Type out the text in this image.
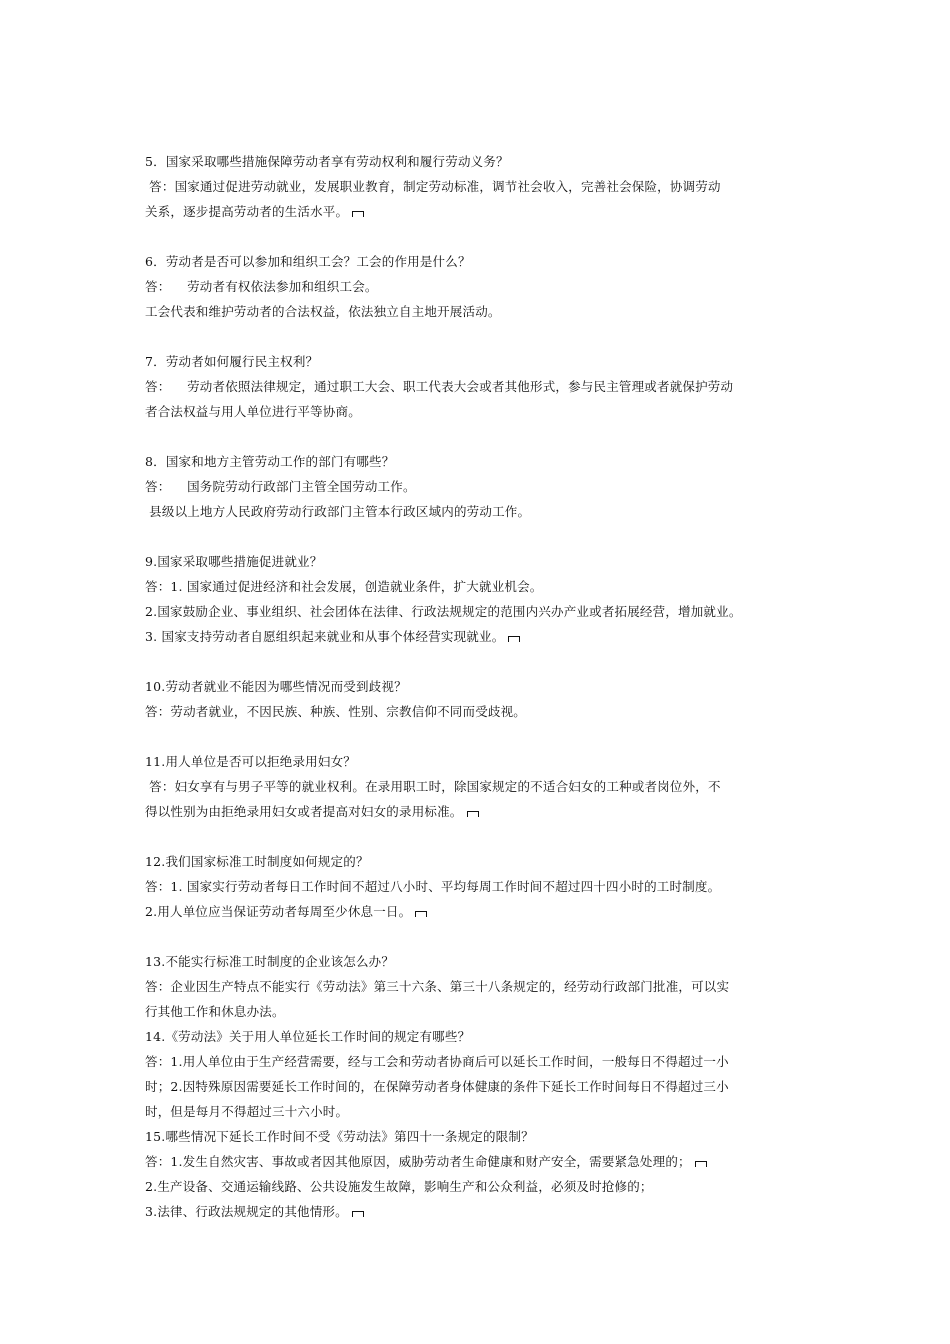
5．国家采取哪些措施保障劳动者享有劳动权利和履行劳动义务？
答：国家通过促进劳动就业，发展职业教育，制定劳动标准，调节社会收入，完善社会保险，协调劳动
关系，逐步提高劳动者的生活水平。
6．劳动者是否可以参加和组织工会？工会的作用是什么？
答：    劳动者有权依法参加和组织工会。
工会代表和维护劳动者的合法权益，依法独立自主地开展活动。
7．劳动者如何履行民主权利？
答：    劳动者依照法律规定，通过职工大会、职工代表大会或者其他形式，参与民主管理或者就保护劳动
者合法权益与用人单位进行平等协商。
8．国家和地方主管劳动工作的部门有哪些？
答：    国务院劳动行政部门主管全国劳动工作。
县级以上地方人民政府劳动行政部门主管本行政区域内的劳动工作。
9.国家采取哪些措施促进就业？
答：1. 国家通过促进经济和社会发展，创造就业条件，扩大就业机会。
2.国家鼓励企业、事业组织、社会团体在法律、行政法规规定的范围内兴办产业或者拓展经营，增加就业。
3. 国家支持劳动者自愿组织起来就业和从事个体经营实现就业。
10.劳动者就业不能因为哪些情况而受到歧视？
答：劳动者就业，不因民族、种族、性别、宗教信仰不同而受歧视。
11.用人单位是否可以拒绝录用妇女？
答：妇女享有与男子平等的就业权利。在录用职工时，除国家规定的不适合妇女的工种或者岗位外，不
得以性别为由拒绝录用妇女或者提高对妇女的录用标准。
12.我们国家标准工时制度如何规定的？
答：1. 国家实行劳动者每日工作时间不超过八小时、平均每周工作时间不超过四十四小时的工时制度。
2.用人单位应当保证劳动者每周至少休息一日。
13.不能实行标准工时制度的企业该怎么办？
答：企业因生产特点不能实行《劳动法》第三十六条、第三十八条规定的，经劳动行政部门批准，可以实
行其他工作和休息办法。
14.《劳动法》关于用人单位延长工作时间的规定有哪些？
答：1.用人单位由于生产经营需要，经与工会和劳动者协商后可以延长工作时间，一般每日不得超过一小
时；2.因特殊原因需要延长工作时间的，在保障劳动者身体健康的条件下延长工作时间每日不得超过三小
时，但是每月不得超过三十六小时。
15.哪些情况下延长工作时间不受《劳动法》第四十一条规定的限制？
答：1.发生自然灾害、事故或者因其他原因，威胁劳动者生命健康和财产安全，需要紧急处理的；
2.生产设备、交通运输线路、公共设施发生故障，影响生产和公众利益，必须及时抢修的；
3.法律、行政法规规定的其他情形。
